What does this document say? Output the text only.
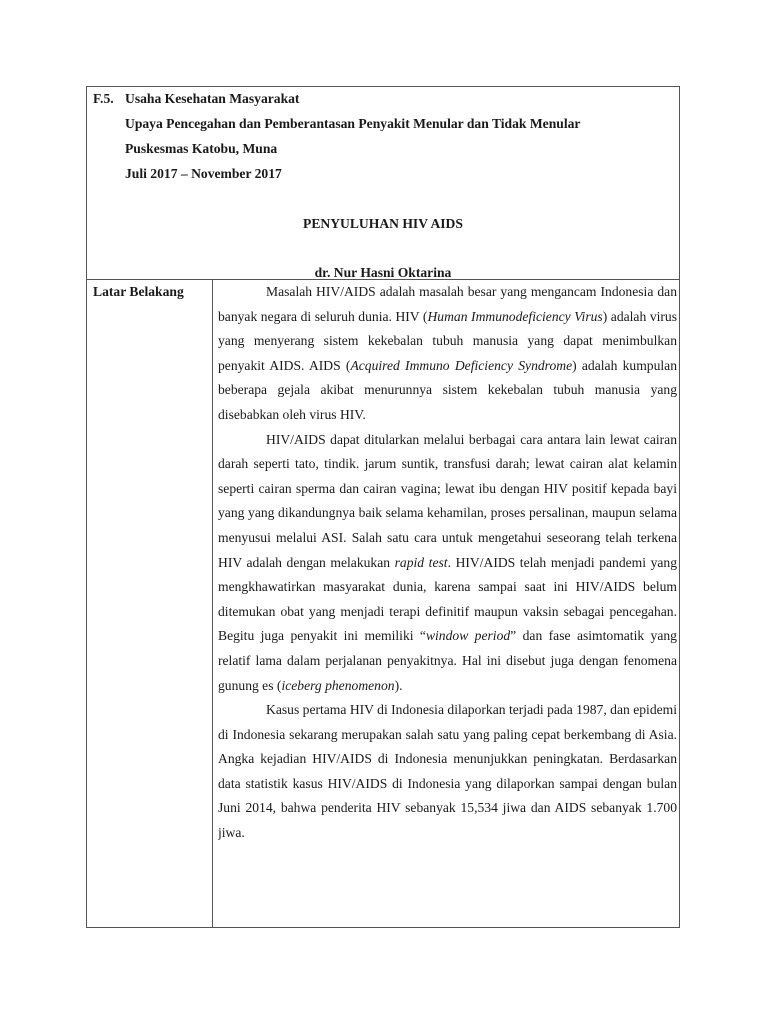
F.5. Usaha Kesehatan Masyarakat
Upaya Pencegahan dan Pemberantasan Penyakit Menular dan Tidak Menular
Puskesmas Katobu, Muna
Juli 2017 – November 2017
PENYULUHAN HIV AIDS
dr. Nur Hasni Oktarina
Latar Belakang	Masalah HIV/AIDS adalah masalah besar yang mengancam Indonesia dan banyak negara di seluruh dunia. HIV (Human Immunodeficiency Virus) adalah virus yang menyerang sistem kekebalan tubuh manusia yang dapat menimbulkan penyakit AIDS. AIDS (Acquired Immuno Deficiency Syndrome) adalah kumpulan beberapa gejala akibat menurunnya sistem kekebalan tubuh manusia yang disebabkan oleh virus HIV.

HIV/AIDS dapat ditularkan melalui berbagai cara antara lain lewat cairan darah seperti tato, tindik. jarum suntik, transfusi darah; lewat cairan alat kelamin seperti cairan sperma dan cairan vagina; lewat ibu dengan HIV positif kepada bayi yang yang dikandungnya baik selama kehamilan, proses persalinan, maupun selama menyusui melalui ASI. Salah satu cara untuk mengetahui seseorang telah terkena HIV adalah dengan melakukan rapid test. HIV/AIDS telah menjadi pandemi yang mengkhawatirkan masyarakat dunia, karena sampai saat ini HIV/AIDS belum ditemukan obat yang menjadi terapi definitif maupun vaksin sebagai pencegahan. Begitu juga penyakit ini memiliki “window period” dan fase asimtomatik yang relatif lama dalam perjalanan penyakitnya. Hal ini disebut juga dengan fenomena gunung es (iceberg phenomenon).

Kasus pertama HIV di Indonesia dilaporkan terjadi pada 1987, dan epidemi di Indonesia sekarang merupakan salah satu yang paling cepat berkembang di Asia. Angka kejadian HIV/AIDS di Indonesia menunjukkan peningkatan. Berdasarkan data statistik kasus HIV/AIDS di Indonesia yang dilaporkan sampai dengan bulan Juni 2014, bahwa penderita HIV sebanyak 15,534 jiwa dan AIDS sebanyak 1.700 jiwa.
